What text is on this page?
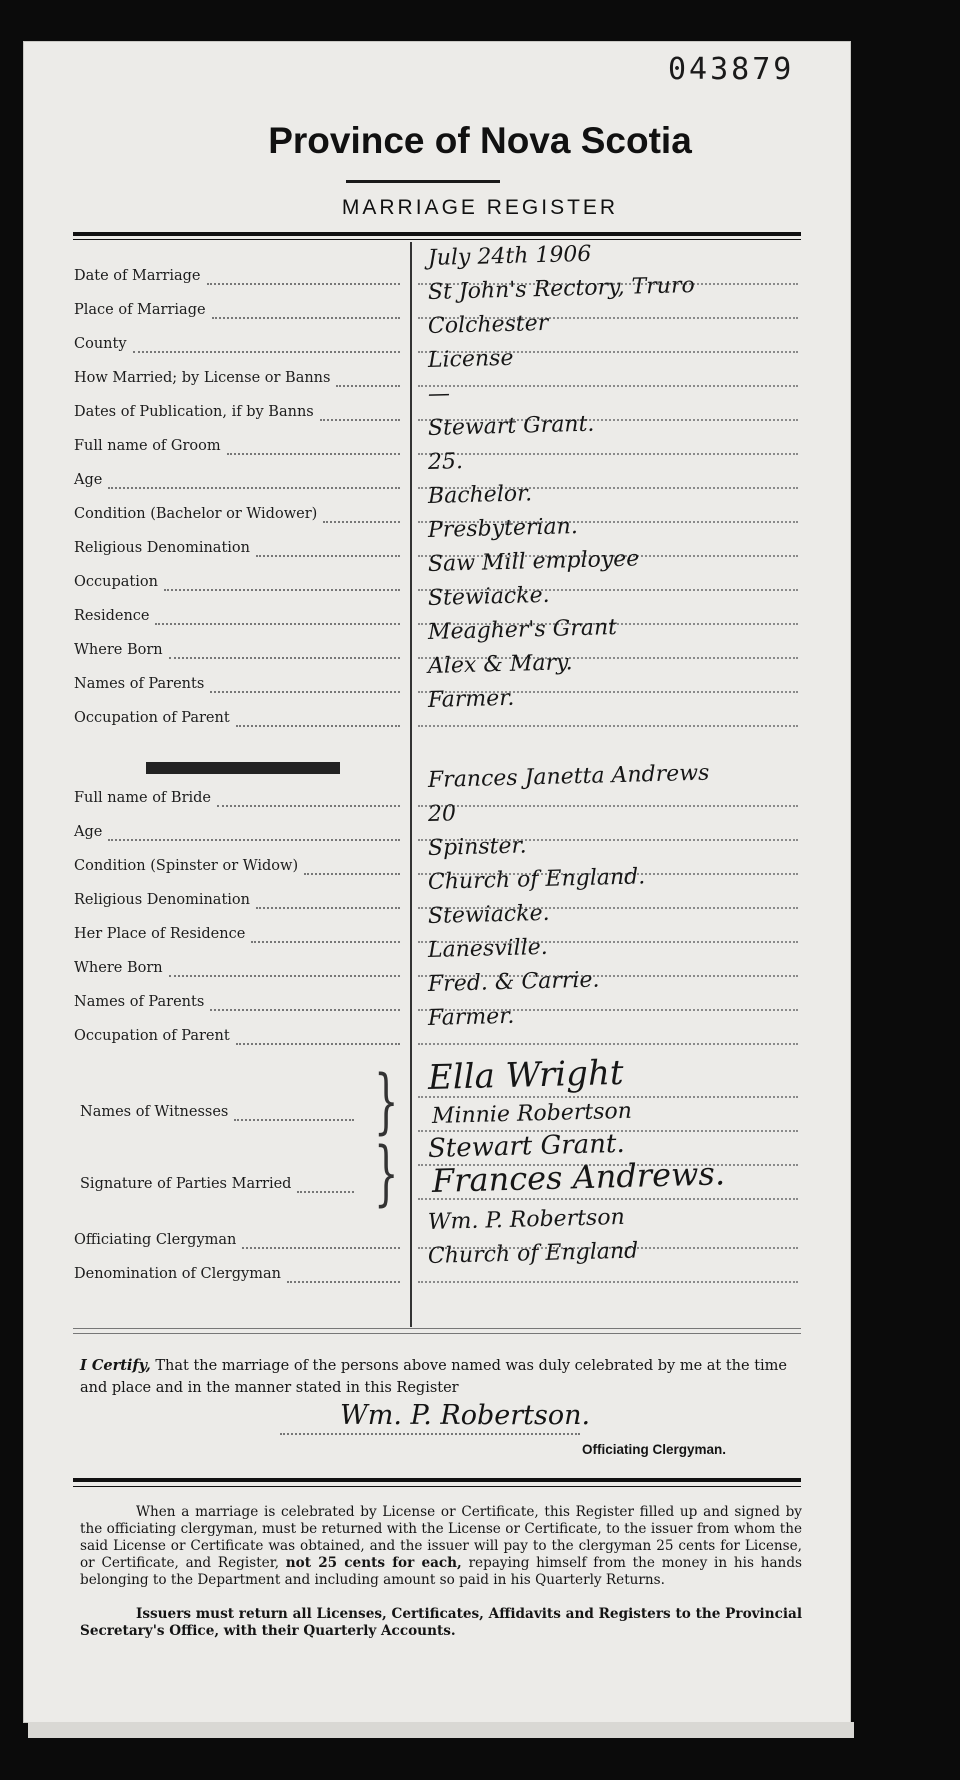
043879
Province of Nova Scotia
MARRIAGE REGISTER
Date of Marriage
July 24th 1906
Place of Marriage
St John's Rectory, Truro
County
Colchester
How Married; by License or Banns
License
Dates of Publication, if by Banns
—
Full name of Groom
Stewart Grant.
Age
25.
Condition (Bachelor or Widower)
Bachelor.
Religious Denomination
Presbyterian.
Occupation
Saw Mill employee
Residence
Stewiacke.
Where Born
Meagher's Grant
Names of Parents
Alex & Mary.
Occupation of Parent
Farmer.
Full name of Bride
Frances Janetta Andrews
Age
20
Condition (Spinster or Widow)
Spinster.
Religious Denomination
Church of England.
Her Place of Residence
Stewiacke.
Where Born
Lanesville.
Names of Parents
Fred. & Carrie.
Occupation of Parent
Farmer.
Officiating Clergyman
Wm. P. Robertson
Denomination of Clergyman
Church of England
Names of Witnesses } Ella Wright
Minnie Robertson
Signature of Parties Married } Stewart Grant.
Frances Andrews.
I Certify, That the marriage of the persons above named was duly celebrated by me at the time and place and in the manner stated in this Register
Wm. P. Robertson.
Officiating Clergyman.

When a marriage is celebrated by License or Certificate, this Register filled up and signed by the officiating clergyman, must be returned with the License or Certificate, to the issuer from whom the said License or Certificate was obtained, and the issuer will pay to the clergyman 25 cents for License, or Certificate, and Register, not 25 cents for each, repaying himself from the money in his hands belonging to the Department and including amount so paid in his Quarterly Returns.

Issuers must return all Licenses, Certificates, Affidavits and Registers to the Provincial Secretary's Office, with their Quarterly Accounts.
